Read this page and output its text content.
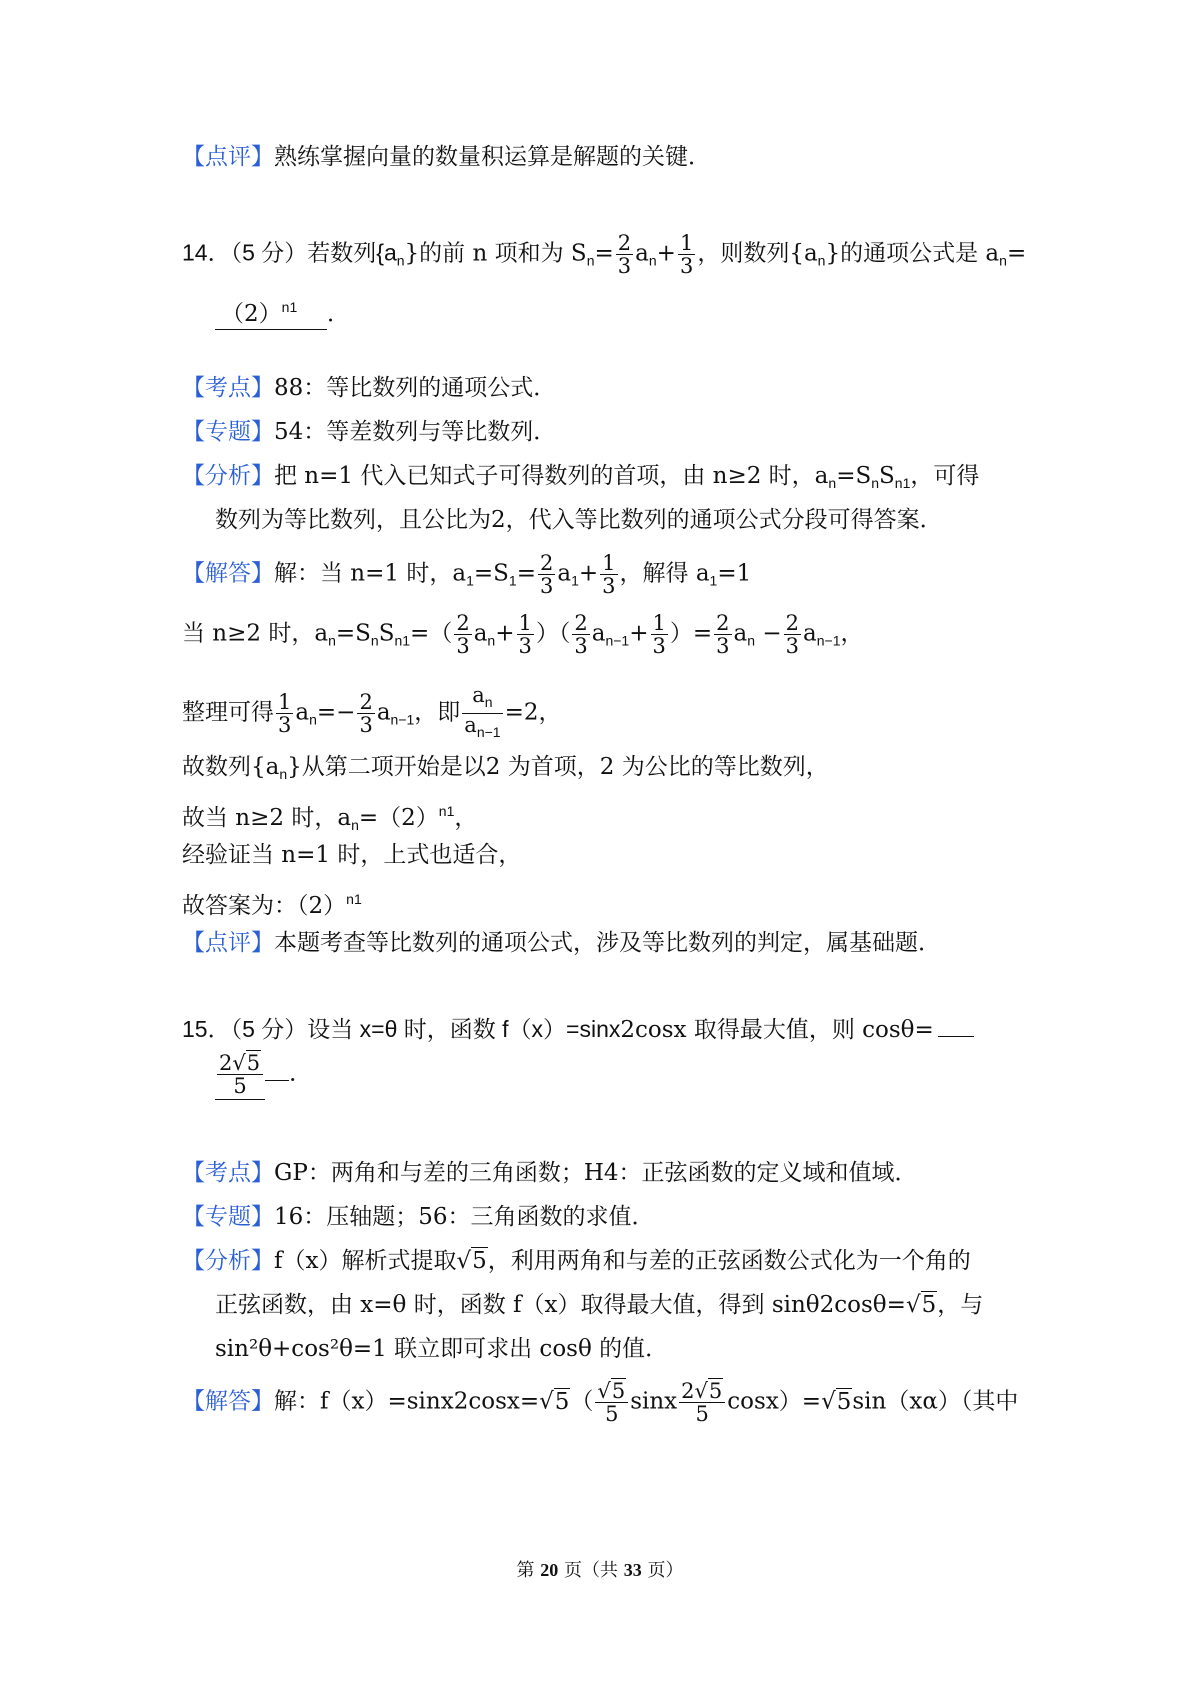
【点评】熟练掌握向量的数量积运算是解题的关键．
14．（5 分）若数列$\{a_n\}$的前 n 项和为 $S_n= \frac{2}{3} a_n+ \frac{1}{3}$ ，则数列$\{a_n\}$的通项公式是 $a_n=$
$(2)^{n1}$ ．
【考点】88：等比数列的通项公式．
【专题】54：等差数列与等比数列．
【分析】把 n=1 代入已知式子可得数列的首项，由 n≥2 时，$a_n=S_nS_{n1}$，可得
数列为等比数列，且公比为2，代入等比数列的通项公式分段可得答案．
【解答】解：当 n=1 时，$a_1=S_1= \frac{2}{3} a_1+ \frac{1}{3}$ ，解得 $a_1=1$
当 n≥2 时，$a_n=S_nS_{n1}=( \frac{2}{3} a_n+ \frac{1}{3}$ ）（ $\frac{2}{3} a_{n-1}+ \frac{1}{3}$ ）= $\frac{2}{3} a_n - \frac{2}{3} a_{n-1}$，
整理可得 $\frac{1}{3} a_n=- \frac{2}{3} a_{n-1}$，即 $\frac{a_n}{a_{n-1}} =2$，
故数列$\{a_n\}$从第二项开始是以2 为首项，2 为公比的等比数列，
故当 n≥2 时，$a_n=(2)^{n1}$，
经验证当 n=1 时，上式也适合，
故答案为：$(2)^{n1}$
【点评】本题考查等比数列的通项公式，涉及等比数列的判定，属基础题．
15．（5 分）设当 x=θ 时，函数 f（x）=sinx2cosx 取得最大值，则 cosθ=
$\frac{2√5}{5}$ ．
【考点】GP：两角和与差的三角函数；H4：正弦函数的定义域和值域．
【专题】16：压轴题；56：三角函数的求值．
【分析】f（x）解析式提取√5，利用两角和与差的正弦函数公式化为一个角的
正弦函数，由 x=θ 时，函数 f（x）取得最大值，得到 sinθ2cosθ=√5，与
sin²θ+cos²θ=1 联立即可求出 cosθ 的值．
【解答】解：$f(x)=\sin x2\cos x=√5( \frac{√5}{5}$ sinx $\frac{2√5}{5} \cos x)=√5\sin(x\alpha)$（其中
第 20 页（共 33 页）
